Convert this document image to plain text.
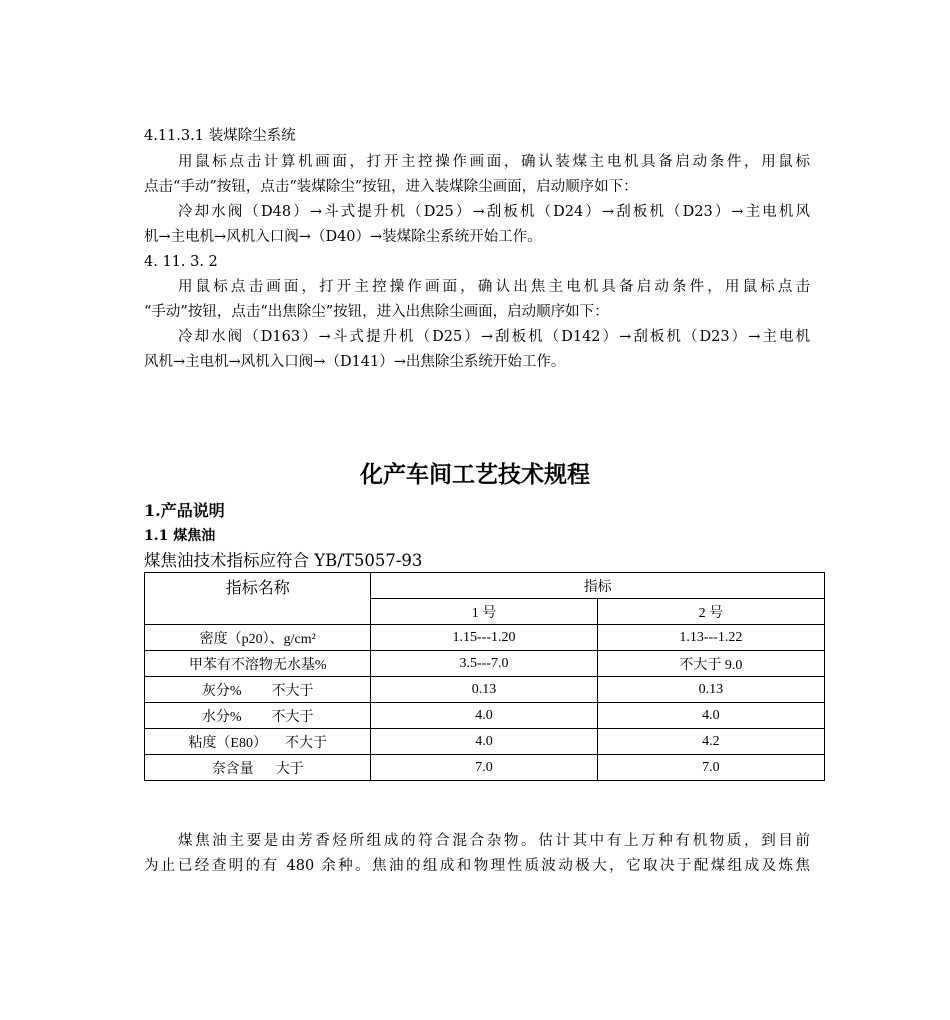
4.11.3.1 装煤除尘系统
用鼠标点击计算机画面，打开主控操作画面，确认装煤主电机具备启动条件，用鼠标
点击“手动”按钮，点击“装煤除尘”按钮，进入装煤除尘画面，启动顺序如下：
冷却水阀（D48）→斗式提升机（D25）→刮板机（D24）→刮板机（D23）→主电机风
机→主电机→风机入口阀→（D40）→装煤除尘系统开始工作。
4. 11. 3. 2
用鼠标点击画面，打开主控操作画面，确认出焦主电机具备启动条件，用鼠标点击
“手动”按钮，点击“出焦除尘”按钮，进入出焦除尘画面，启动顺序如下：
冷却水阀（D163）→斗式提升机（D25）→刮板机（D142）→刮板机（D23）→主电机
风机→主电机→风机入口阀→（D141）→出焦除尘系统开始工作。
化产车间工艺技术规程
1.产品说明
1.1 煤焦油
煤焦油技术指标应符合 YB/T5057-93
指标名称	指标	
	1 号	2 号
密度（p20）、g/cm²	1.15---1.20	1.13---1.22
甲苯有不溶物无水基%	3.5---7.0	不大于 9.0
灰分% 不大于	0.13	0.13
水分% 不大于	4.0	4.0
粘度（E80） 不大于	4.0	4.2
奈含量 大于	7.0	7.0
煤焦油主要是由芳香烃所组成的符合混合杂物。估计其中有上万种有机物质，到目前
为止已经查明的有 480 余种。焦油的组成和物理性质波动极大，它取决于配煤组成及炼焦
